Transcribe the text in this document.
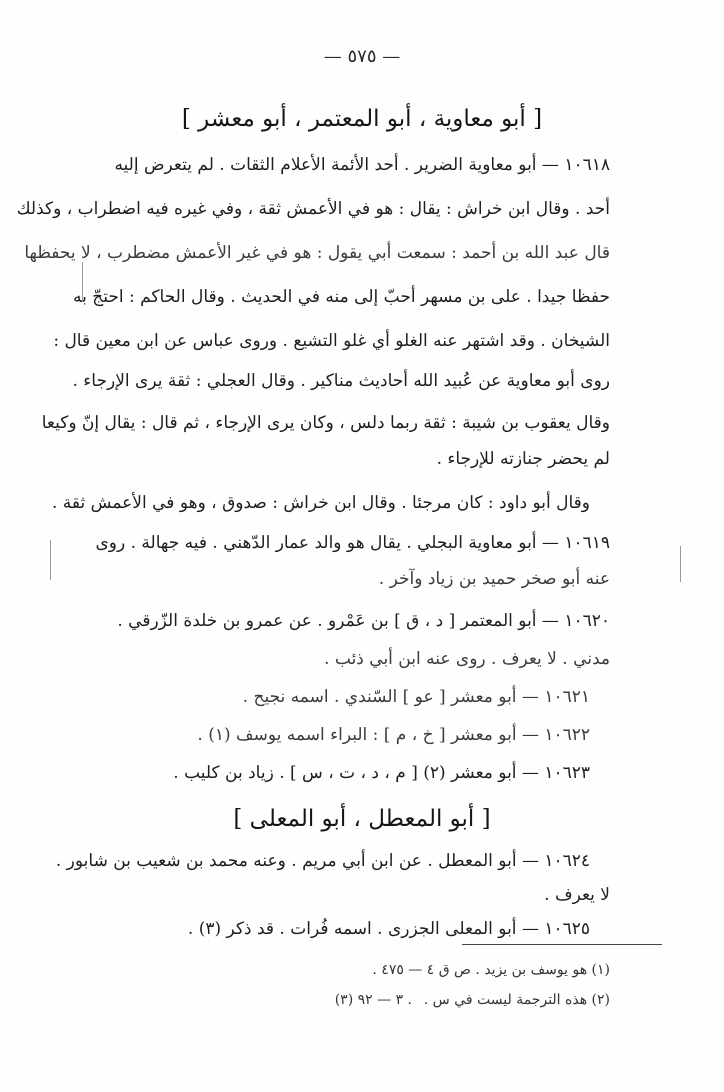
— ٥٧٥ —
[ أبو معاوية ، أبو المعتمر ، أبو معشر ]
١٠٦١٨ — أبو معاوية الضرير . أحد الأئمة الأعلام الثقات . لم يتعرض إليه
أحد . وقال ابن خراش : يقال : هو في الأعمش ثقة ، وفي غيره فيه اضطراب ، وكذلك
قال عبد الله بن أحمد : سمعت أبي يقول : هو في غير الأعمش مضطرب ، لا يحفظها
حفظا جيدا . على بن مسهر أحبّ إلى منه في الحديث . وقال الحاكم : احتجّ به
الشيخان . وقد اشتهر عنه الغلو أي غلو التشيع . وروى عباس عن ابن معين قال :
روى أبو معاوية عن عُبيد الله أحاديث مناكير . وقال العجلي : ثقة يرى الإرجاء .
وقال يعقوب بن شيبة : ثقة ربما دلس ، وكان يرى الإرجاء ، ثم قال : يقال إنّ وكيعا
لم يحضر جنازته للإرجاء .
وقال أبو داود : كان مرجئا . وقال ابن خراش : صدوق ، وهو في الأعمش ثقة .
١٠٦١٩ — أبو معاوية البجلي . يقال هو والد عمار الدّهني . فيه جهالة . روى
عنه أبو صخر حميد بن زياد وآخر .
١٠٦٢٠ — أبو المعتمر [ د ، ق ] بن عَمْرو . عن عمرو بن خلدة الزّرقي .
مدني . لا يعرف . روى عنه ابن أبي ذئب .
١٠٦٢١ — أبو معشر [ عو ] السّندي . اسمه نجيح .
١٠٦٢٢ — أبو معشر [ خ ، م ] : البراء اسمه يوسف (١) .
١٠٦٢٣ — أبو معشر (٢) [ م ، د ، ت ، س ] . زياد بن كليب .
[ أبو المعطل ، أبو المعلى ]
١٠٦٢٤ — أبو المعطل . عن ابن أبي مريم . وعنه محمد بن شعيب بن شابور .
لا يعرف .
١٠٦٢٥ — أبو المعلى الجزرى . اسمه فُرات . قد ذكر (٣) .
(١) هو يوسف بن يزيد . ص ق ٤ — ٤٧٥ .
(٢) هذه الترجمة ليست في س .
(٣) ٣ — ٩٢ .
